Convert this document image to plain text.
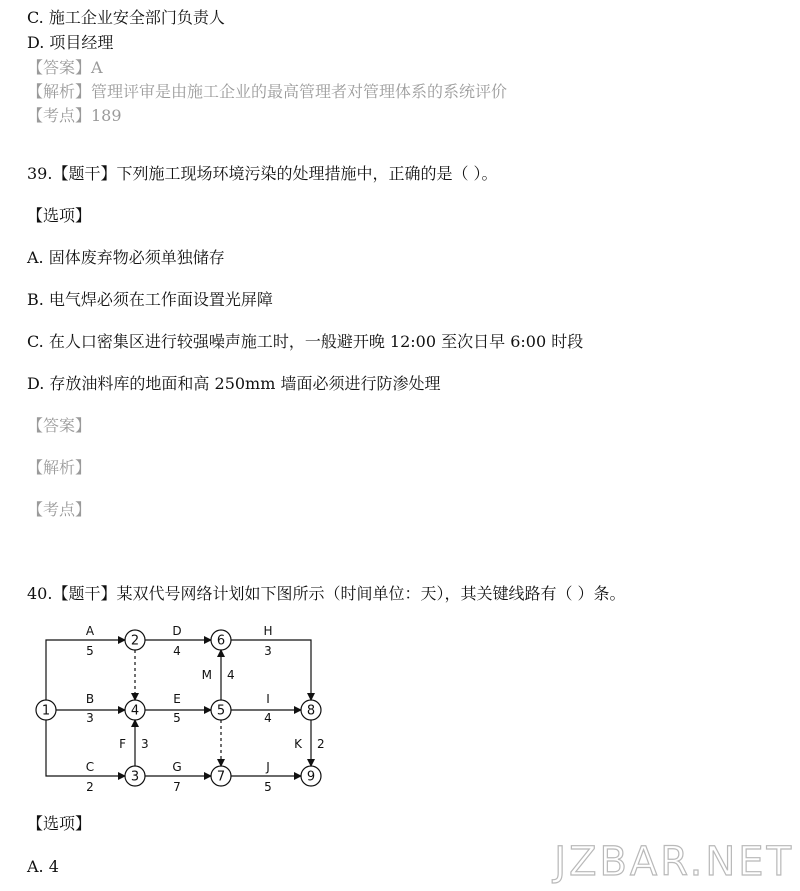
C. 施工企业安全部门负责人
D. 项目经理
【答案】A
【解析】管理评审是由施工企业的最高管理者对管理体系的系统评价
【考点】189
39.【题干】下列施工现场环境污染的处理措施中，正确的是（ ）。
【选项】
A. 固体废弃物必须单独储存
B. 电气焊必须在工作面设置光屏障
C. 在人口密集区进行较强噪声施工时，一般避开晚 12:00 至次日早 6:00 时段
D. 存放油料库的地面和高 250mm 墙面必须进行防渗处理
【答案】
【解析】
【考点】
40.【题干】某双代号网络计划如下图所示（时间单位：天），其关键线路有（ ）条。
A
5
B
3
C
2
D
4
E
5
F 3
G
7
H
3
I
4
J
5
K 2
M 4
1
2
3
4	5
6
7
8
9
【选项】
A. 4	JZBAR.NET
